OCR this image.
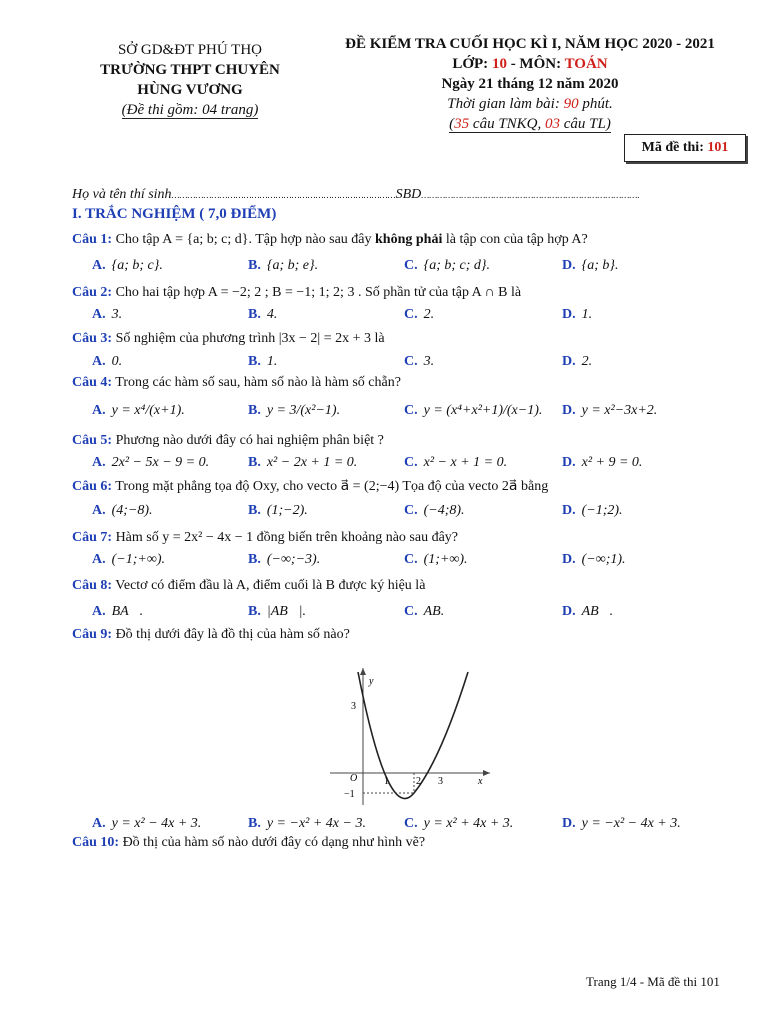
SỞ GD&ĐT PHÚ THỌ
TRƯỜNG THPT CHUYÊN
HÙNG VƯƠNG
(Đề thi gồm: 04 trang)
ĐỀ KIỂM TRA CUỐI HỌC KÌ I, NĂM HỌC 2020 - 2021
LỚP: 10 - MÔN: TOÁN
Ngày 21 tháng 12 năm 2020
Thời gian làm bài: 90 phút.
(35 câu TNKQ, 03 câu TL)
Mã đề thi: 101
Họ và tên thí sinh…………………………………………………………………………SBD……………………………………………………………………….
I. TRẮC NGHIỆM ( 7,0 ĐIỂM)
Câu 1: Cho tập A = {a; b; c; d}. Tập hợp nào sau đây không phải là tập con của tập hợp A?
A. {a; b; c}.	B. {a; b; e}.	C. {a; b; c; d}.	D. {a; b}.
Câu 2: Cho hai tập hợp A = −2; 2 ; B = −1; 1; 2; 3 . Số phần tử của tập A ∩ B là
A. 3.	B. 4.	C. 2.	D. 1.
Câu 3: Số nghiệm của phương trình |3x − 2| = 2x + 3 là
A. 0.	B. 1.	C. 3.	D. 2.
Câu 4: Trong các hàm số sau, hàm số nào là hàm số chẵn?
A. y = x⁴/(x+1).	B. y = 3/(x²−1).	C. y = (x⁴+x²+1)/(x−1). D. y = x²−3x+2.
Câu 5: Phương nào dưới đây có hai nghiệm phân biệt ?
A. 2x² − 5x − 9 = 0.	B. x² − 2x + 1 = 0.	C. x² − x + 1 = 0.	D. x² + 9 = 0.
Câu 6: Trong mặt phẳng tọa độ Oxy, cho vecto a⃗ = (2;−4) Tọa độ của vecto 2a⃗ bằng
A. (4;−8).	B. (1;−2).	C. (−4;8).	D. (−1;2).
Câu 7: Hàm số y = 2x² − 4x − 1 đồng biến trên khoảng nào sau đây?
A. (−1;+∞).	B. (−∞;−3).	C. (1;+∞).	D. (−∞;1).
Câu 8: Vectơ có điểm đầu là A, điểm cuối là B được ký hiệu là
A. BA⃗.	B. |AB⃗|.	C. AB.	D. AB⃗.
Câu 9: Đồ thị dưới đây là đồ thị của hàm số nào?
A. y = x² − 4x + 3.	B. y = −x² + 4x − 3.	C. y = x² + 4x + 3.	D. y = −x² − 4x + 3.
Câu 10: Đồ thị của hàm số nào dưới đây có dạng như hình vẽ?
y
x
O
3
−1
1	2 3
Trang 1/4 - Mã đề thi 101
